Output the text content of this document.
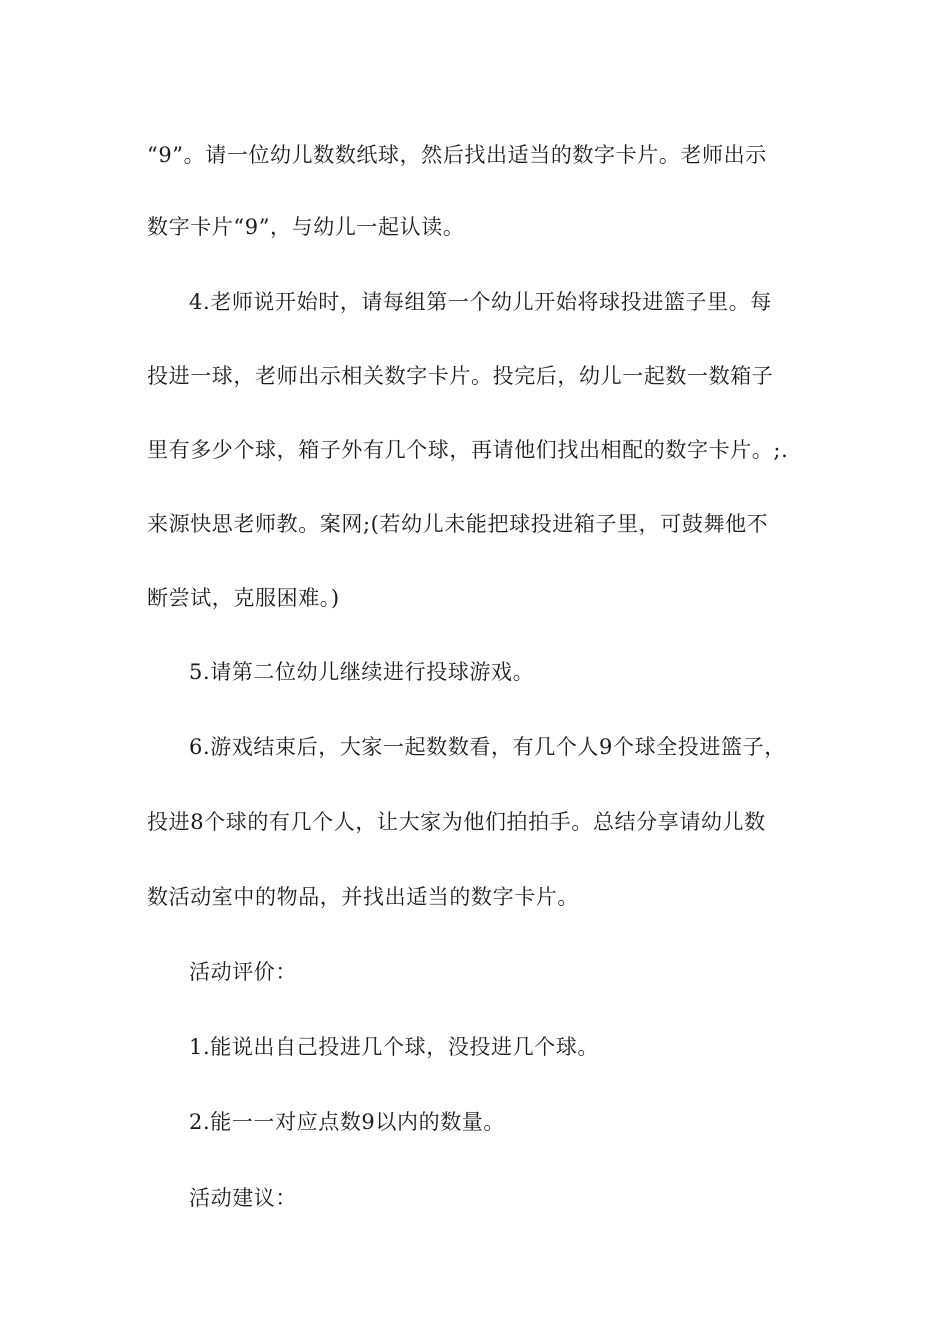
“9”。请一位幼儿数数纸球，然后找出适当的数字卡片。老师出示
数字卡片“9”，与幼儿一起认读。
4.老师说开始时，请每组第一个幼儿开始将球投进篮子里。每
投进一球，老师出示相关数字卡片。投完后，幼儿一起数一数箱子
里有多少个球，箱子外有几个球，再请他们找出相配的数字卡片。;.
来源快思老师教。案网;(若幼儿未能把球投进箱子里，可鼓舞他不
断尝试，克服困难。)
5.请第二位幼儿继续进行投球游戏。
6.游戏结束后，大家一起数数看，有几个人9个球全投进篮子，
投进8个球的有几个人，让大家为他们拍拍手。总结分享请幼儿数
数活动室中的物品，并找出适当的数字卡片。
活动评价：
1.能说出自己投进几个球，没投进几个球。
2.能一一对应点数9以内的数量。
活动建议：
